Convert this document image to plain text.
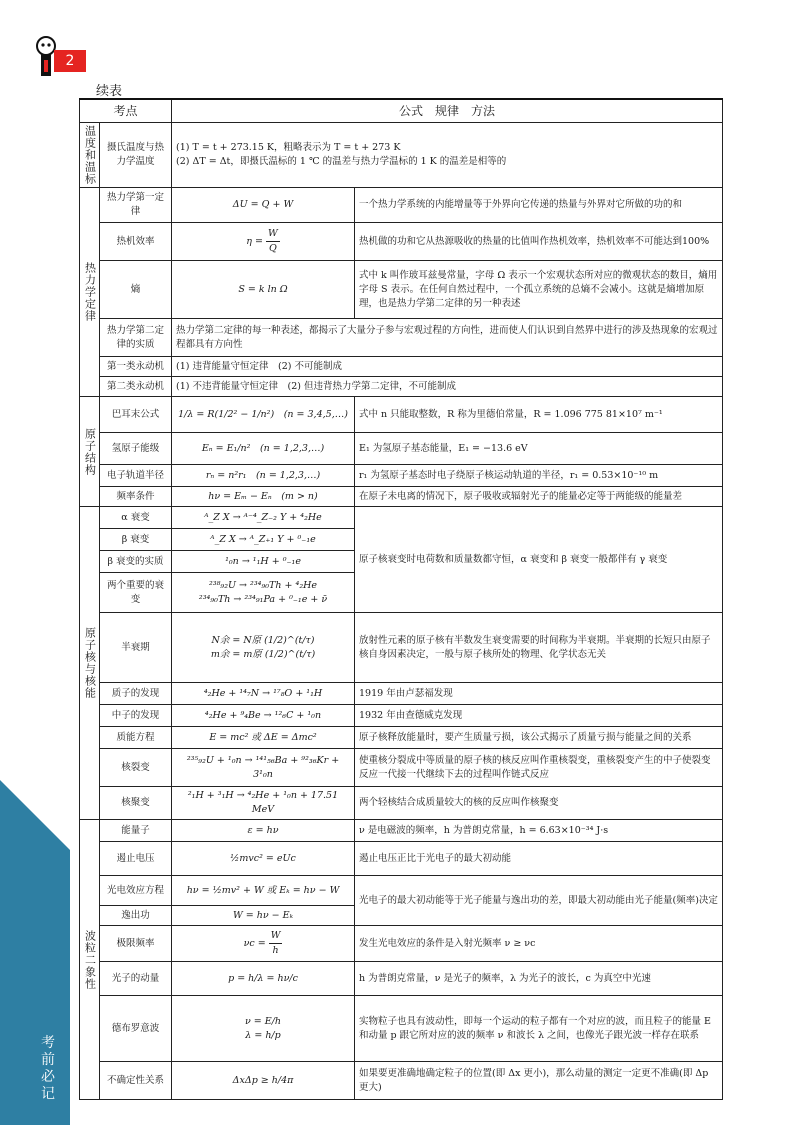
考前必记
2
续表
考点		公式　规律　方法	
温度和温标	摄氏温度与热力学温度	(1) T = t + 273.15 K，粗略表示为 T = t + 273 K
(2) ΔT = Δt，即摄氏温标的 1 ℃ 的温差与热力学温标的 1 K 的温差是相等的	

热力学定律	热力学第一定律	ΔU = Q + W	一个热力学系统的内能增量等于外界向它传递的热量与外界对它所做的功的和
	热机效率	$\eta = \frac{W}{Q}$	热机做的功和它从热源吸收的热量的比值叫作热机效率，热机效率不可能达到100%
	熵	S = k ln Ω	式中 k 叫作玻耳兹曼常量，字母 Ω 表示一个宏观状态所对应的微观状态的数目，熵用字母 S 表示。在任何自然过程中，一个孤立系统的总熵不会减小。这就是熵增加原理，也是热力学第二定律的另一种表述
	热力学第二定律的实质	热力学第二定律的每一种表述，都揭示了大量分子参与宏观过程的方向性，进而使人们认识到自然界中进行的涉及热现象的宏观过程都具有方向性	
	第一类永动机	(1) 违背能量守恒定律　(2) 不可能制成	
	第二类永动机	(1) 不违背能量守恒定律　(2) 但违背热力学第二定律，不可能制成	
原子结构	巴耳末公式	1/λ = R(1/2² − 1/n²)　(n = 3,4,5,…)	式中 n 只能取整数，R 称为里德伯常量，R = 1.096 775 81×10⁷ m⁻¹
	氢原子能级	Eₙ = E₁/n²　(n = 1,2,3,…)	E₁ 为氢原子基态能量，E₁ = −13.6 eV
	电子轨道半径	rₙ = n²r₁　(n = 1,2,3,…)	r₁ 为氢原子基态时电子绕原子核运动轨道的半径，r₁ = 0.53×10⁻¹⁰ m
	频率条件	hν = Eₘ − Eₙ　(m > n)	在原子未电离的情况下，原子吸收或辐射光子的能量必定等于两能级的能量差
原子核与核能	α 衰变	ᴬ_Z X → ᴬ⁻⁴_Z₋₂ Y + ⁴₂He	原子核衰变时电荷数和质量数都守恒，α 衰变和 β 衰变一般都伴有 γ 衰变
	β 衰变	ᴬ_Z X → ᴬ_Z₊₁ Y + ⁰₋₁e	
	β 衰变的实质	¹₀n → ¹₁H + ⁰₋₁e	
	两个重要的衰变	²³⁸₉₂U → ²³⁴₉₀Th + ⁴₂He
²³⁴₉₀Th → ²³⁴₉₁Pa + ⁰₋₁e + ν̄	

	半衰期	N余 = N原 (1/2)^(t/τ)
m余 = m原 (1/2)^(t/τ)	放射性元素的原子核有半数发生衰变需要的时间称为半衰期。半衰期的长短只由原子核自身因素决定，一般与原子核所处的物理、化学状态无关
	质子的发现	⁴₂He + ¹⁴₇N → ¹⁷₈O + ¹₁H	1919 年由卢瑟福发现
	中子的发现	⁴₂He + ⁹₄Be → ¹²₆C + ¹₀n	1932 年由查德威克发现
	质能方程	E = mc² 或 ΔE = Δmc²	原子核释放能量时，要产生质量亏损，该公式揭示了质量亏损与能量之间的关系
	核裂变	²³⁵₉₂U + ¹₀n → ¹⁴¹₅₆Ba + ⁹²₃₆Kr + 3¹₀n	使重核分裂成中等质量的原子核的核反应叫作重核裂变，重核裂变产生的中子使裂变反应一代接一代继续下去的过程叫作链式反应
	核聚变	²₁H + ³₁H → ⁴₂He + ¹₀n + 17.51 MeV	两个轻核结合成质量较大的核的反应叫作核聚变
波粒二象性	能量子	ε = hν	ν 是电磁波的频率，h 为普朗克常量，h = 6.63×10⁻³⁴ J·s
	遏止电压	½mvc² = eUc	遏止电压正比于光电子的最大初动能
	光电效应方程	hν = ½mv² + W 或 Eₖ = hν − W	光电子的最大初动能等于光子能量与逸出功的差，即最大初动能由光子能量(频率)决定
	逸出功	W = hν − Eₖ	
	极限频率	$\nu c = \frac{W}{h}$	发生光电效应的条件是入射光频率 ν ≥ νc
	光子的动量	p = h/λ = hν/c	h 为普朗克常量，ν 是光子的频率，λ 为光子的波长，c 为真空中光速
	德布罗意波	ν = E/h
λ = h/p	实物粒子也具有波动性，即每一个运动的粒子都有一个对应的波，而且粒子的能量 E 和动量 p 跟它所对应的波的频率 ν 和波长 λ 之间，也像光子跟光波一样存在联系
	不确定性关系	ΔxΔp ≥ h/4π	如果要更准确地确定粒子的位置(即 Δx 更小)，那么动量的测定一定更不准确(即 Δp 更大)
